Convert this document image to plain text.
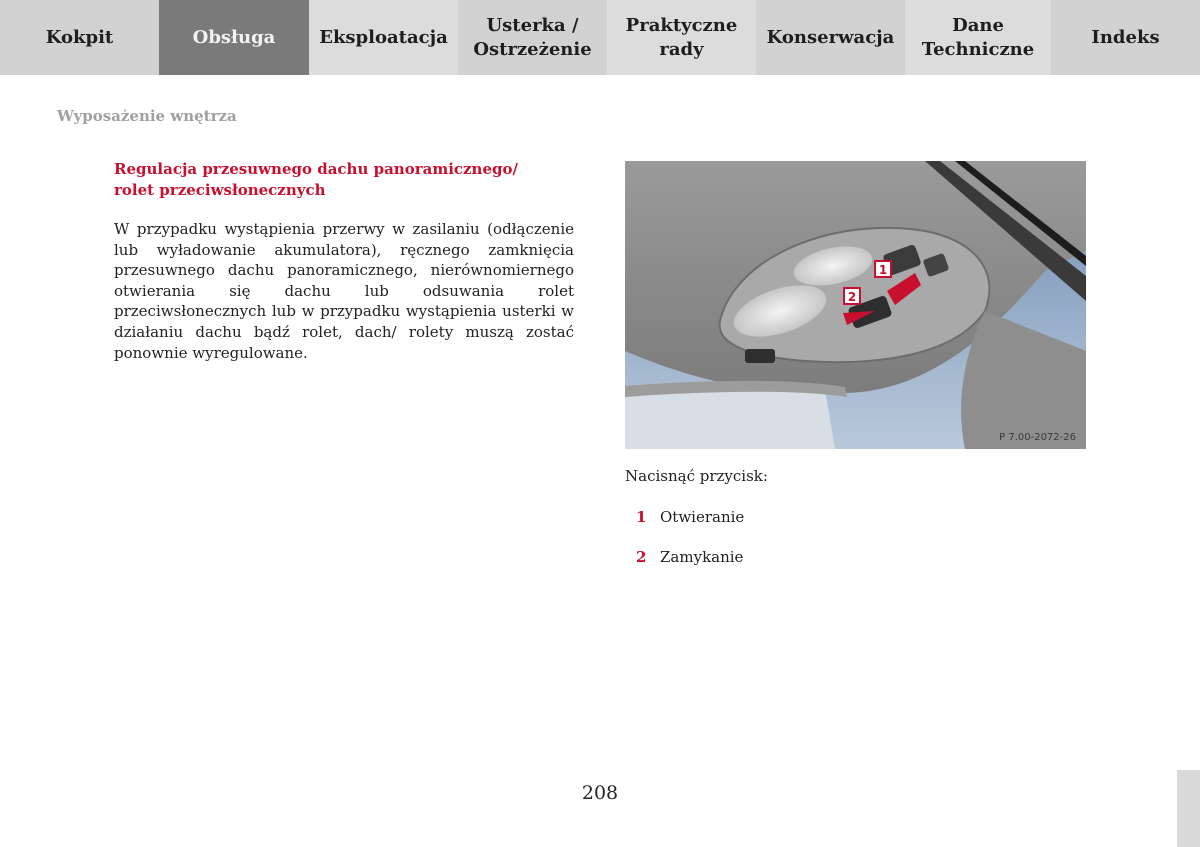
Kokpit	Obsługa Eksploatacja
Usterka /
Ostrzeżenie
Praktyczne
rady
Konserwacja
Dane
Techniczne
Indeks
Wyposażenie wnętrza
Regulacja przesuwnego dachu panoramicznego/
rolet przeciwsłonecznych
W przypadku wystąpienia przerwy w zasilaniu (odłączenie lub wyładowanie akumulatora), ręcznego zamknięcia przesuwnego dachu panoramicznego, nierównomiernego otwierania się dachu lub odsuwania rolet przeciwsłonecznych lub w przypadku wystąpienia usterki w działaniu dachu bądź rolet, dach/ rolety muszą zostać ponownie wyregulowane.
1
2
P 7.00-2072-26
Nacisnąć przycisk:
1 Otwieranie
2 Zamykanie
208
